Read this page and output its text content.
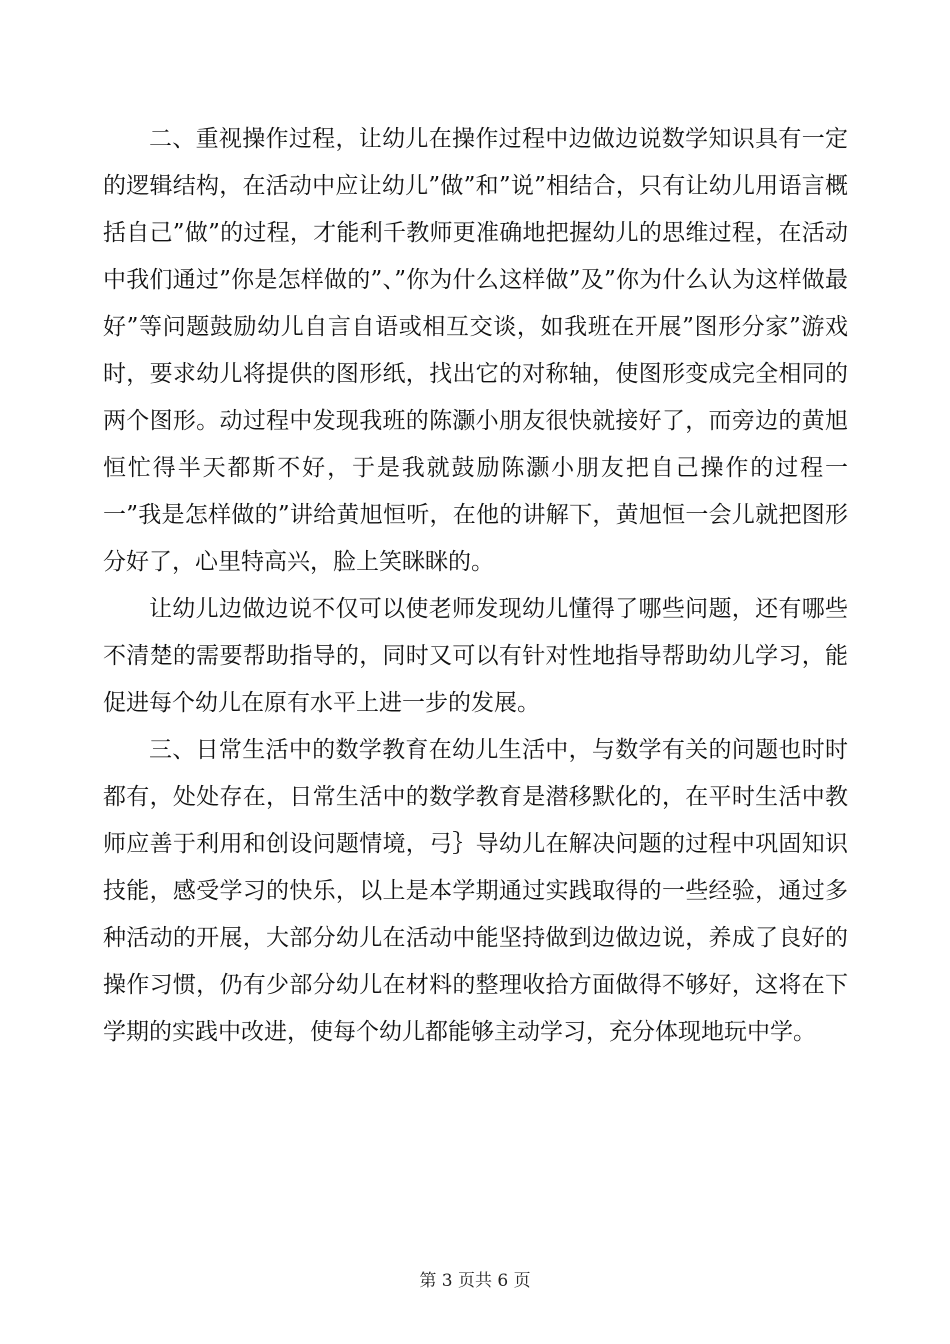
二、重视操作过程，让幼儿在操作过程中边做边说数学知识具有一定的逻辑结构，在活动中应让幼儿”做”和”说”相结合，只有让幼儿用语言概括自己”做”的过程，才能利千教师更准确地把握幼儿的思维过程，在活动中我们通过”你是怎样做的”、”你为什么这样做”及”你为什么认为这样做最好”等问题鼓励幼儿自言自语或相互交谈，如我班在开展”图形分家”游戏时，要求幼儿将提供的图形纸，找出它的对称轴，使图形变成完全相同的两个图形。动过程中发现我班的陈灏小朋友很快就接好了，而旁边的黄旭恒忙得半天都斯不好，于是我就鼓励陈灏小朋友把自己操作的过程一一”我是怎样做的”讲给黄旭恒听，在他的讲解下，黄旭恒一会儿就把图形分好了，心里特高兴，脸上笑眯眯的。

让幼儿边做边说不仅可以使老师发现幼儿懂得了哪些问题，还有哪些不清楚的需要帮助指导的，同时又可以有针对性地指导帮助幼儿学习，能促进每个幼儿在原有水平上进一步的发展。

三、日常生活中的数学教育在幼儿生活中，与数学有关的问题也时时都有，处处存在，日常生活中的数学教育是潜移默化的，在平时生活中教师应善于利用和创设问题情境，弓｝导幼儿在解决问题的过程中巩固知识技能，感受学习的快乐，以上是本学期通过实践取得的一些经验，通过多种活动的开展，大部分幼儿在活动中能坚持做到边做边说，养成了良好的操作习惯，仍有少部分幼儿在材料的整理收拾方面做得不够好，这将在下学期的实践中改进，使每个幼儿都能够主动学习，充分体现地玩中学。

第 3 页共 6 页
